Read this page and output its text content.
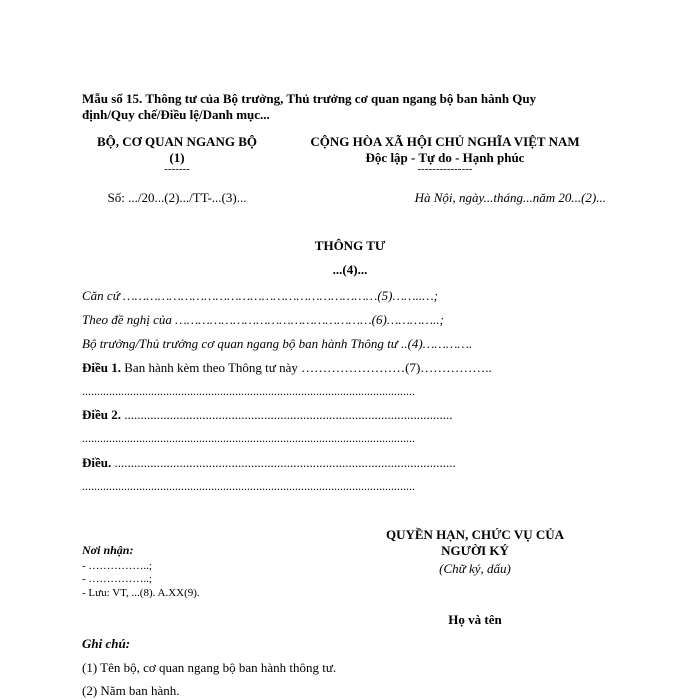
Mẫu số 15. Thông tư của Bộ trưởng, Thủ trưởng cơ quan ngang bộ ban hành Quy
định/Quy chế/Điều lệ/Danh mục...
BỘ, CƠ QUAN NGANG BỘ
(1)
-------
Số: .../20...(2).../TT-...(3)...
CỘNG HÒA XÃ HỘI CHỦ NGHĨA VIỆT NAM
Độc lập - Tự do - Hạnh phúc
---------------
Hà Nội, ngày...tháng...năm 20...(2)...
THÔNG TƯ
...(4)...
Căn cứ …………………………………………………………(5)……..…;
Theo đề nghị của ……………………………………………(6)…………..;
Bộ trưởng/Thủ trưởng cơ quan ngang bộ ban hành Thông tư ..(4)………….
Điều 1. Ban hành kèm theo Thông tư này ……………………(7)……………..
...............................................................................................................
Điều 2. .....................................................................................................
...............................................................................................................
Điều. .........................................................................................................
...............................................................................................................
QUYỀN HẠN, CHỨC VỤ CỦA
NGƯỜI KÝ
(Chữ ký, dấu)
Họ và tên
Nơi nhận:
- ……………..;
- ……………..;
- Lưu: VT, ...(8). A.XX(9).
Ghi chú:
(1) Tên bộ, cơ quan ngang bộ ban hành thông tư.
(2) Năm ban hành.
